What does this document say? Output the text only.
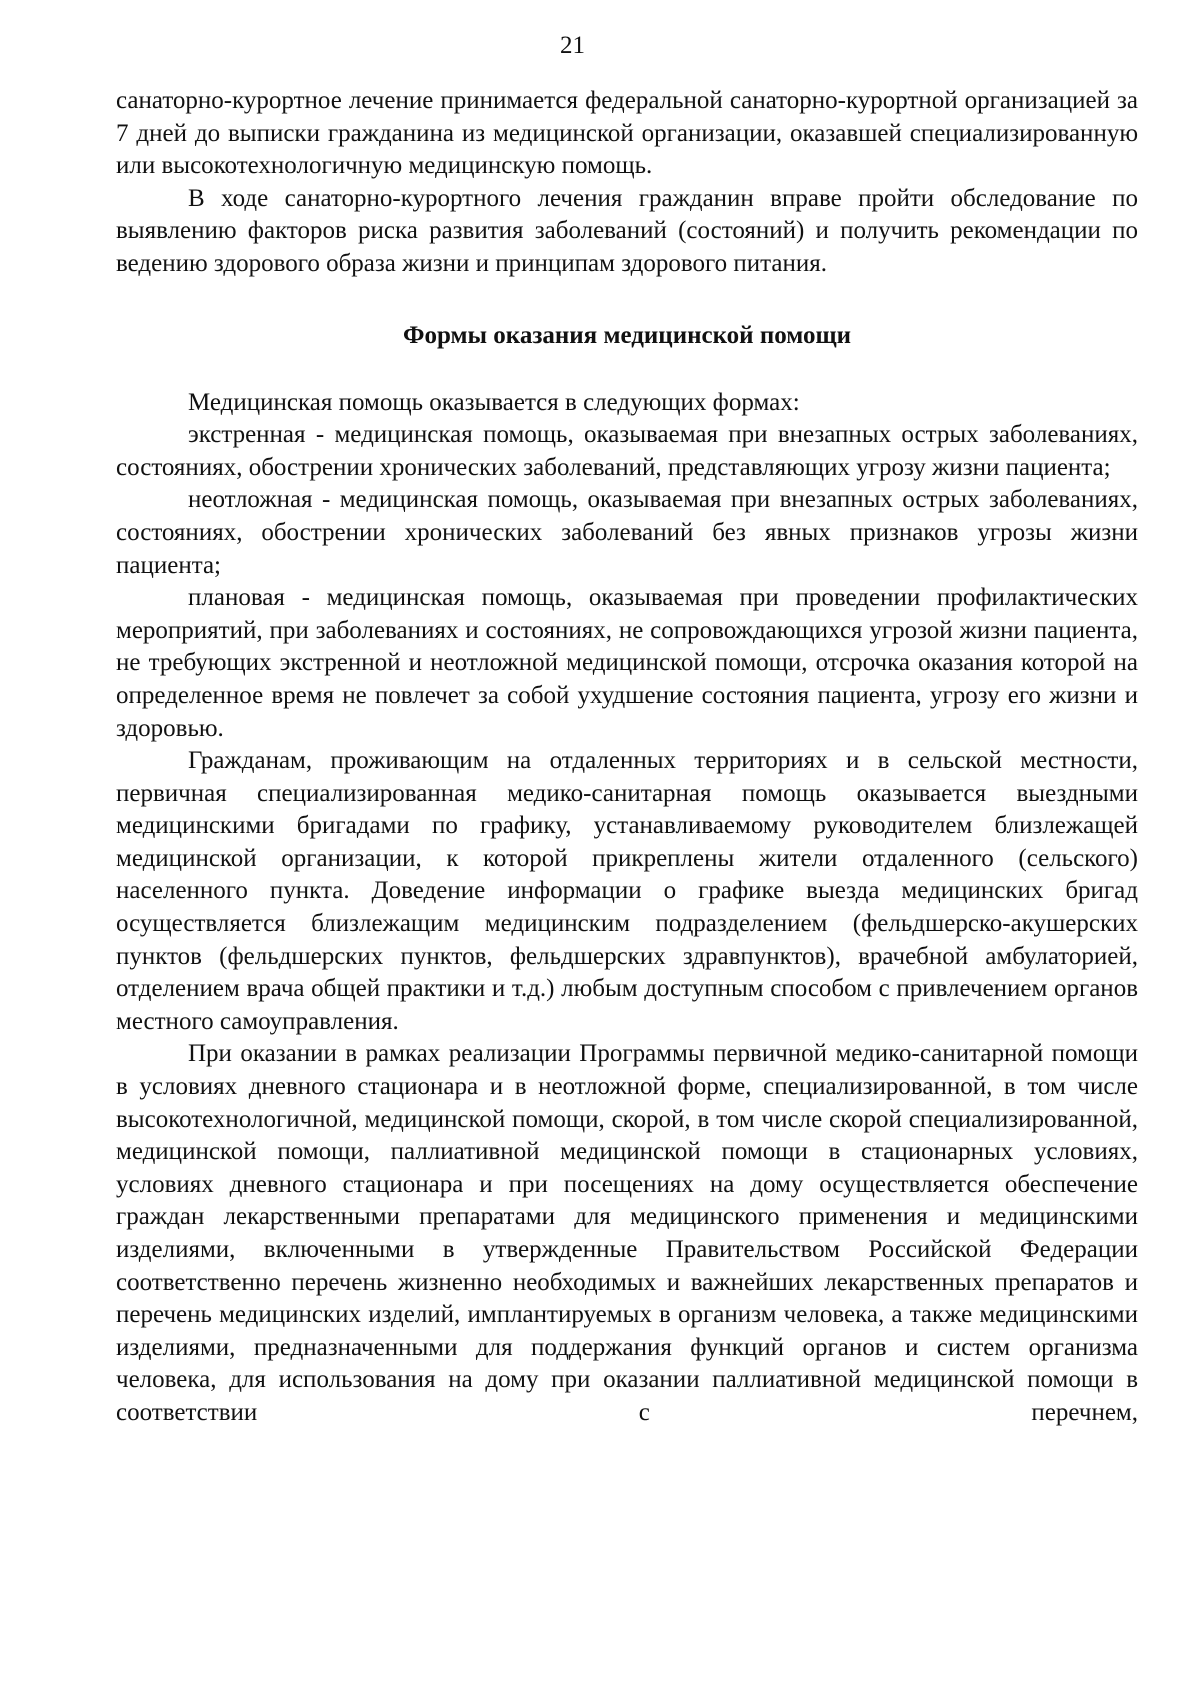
21

санаторно-курортное лечение принимается федеральной санаторно-курортной организацией за 7 дней до выписки гражданина из медицинской организации, оказавшей специализированную или высокотехнологичную медицинскую помощь.

В ходе санаторно-курортного лечения гражданин вправе пройти обследование по выявлению факторов риска развития заболеваний (состояний) и получить рекомендации по ведению здорового образа жизни и принципам здорового питания.

Формы оказания медицинской помощи

Медицинская помощь оказывается в следующих формах:

экстренная - медицинская помощь, оказываемая при внезапных острых заболеваниях, состояниях, обострении хронических заболеваний, представляющих угрозу жизни пациента;

неотложная - медицинская помощь, оказываемая при внезапных острых заболеваниях, состояниях, обострении хронических заболеваний без явных признаков угрозы жизни пациента;

плановая - медицинская помощь, оказываемая при проведении профилактических мероприятий, при заболеваниях и состояниях, не сопровождающихся угрозой жизни пациента, не требующих экстренной и неотложной медицинской помощи, отсрочка оказания которой на определенное время не повлечет за собой ухудшение состояния пациента, угрозу его жизни и здоровью.

Гражданам, проживающим на отдаленных территориях и в сельской местности, первичная специализированная медико-санитарная помощь оказывается выездными медицинскими бригадами по графику, устанавливаемому руководителем близлежащей медицинской организации, к которой прикреплены жители отдаленного (сельского) населенного пункта. Доведение информации о графике выезда медицинских бригад осуществляется близлежащим медицинским подразделением (фельдшерско-акушерских пунктов (фельдшерских пунктов, фельдшерских здравпунктов), врачебной амбулаторией, отделением врача общей практики и т.д.) любым доступным способом с привлечением органов местного самоуправления.

При оказании в рамках реализации Программы первичной медико-санитарной помощи в условиях дневного стационара и в неотложной форме, специализированной, в том числе высокотехнологичной, медицинской помощи, скорой, в том числе скорой специализированной, медицинской помощи, паллиативной медицинской помощи в стационарных условиях, условиях дневного стационара и при посещениях на дому осуществляется обеспечение граждан лекарственными препаратами для медицинского применения и медицинскими изделиями, включенными в утвержденные Правительством Российской Федерации соответственно перечень жизненно необходимых и важнейших лекарственных препаратов и перечень медицинских изделий, имплантируемых в организм человека, а также медицинскими изделиями, предназначенными для поддержания функций органов и систем организма человека, для использования на дому при оказании паллиативной медицинской помощи в соответствии с перечнем,
